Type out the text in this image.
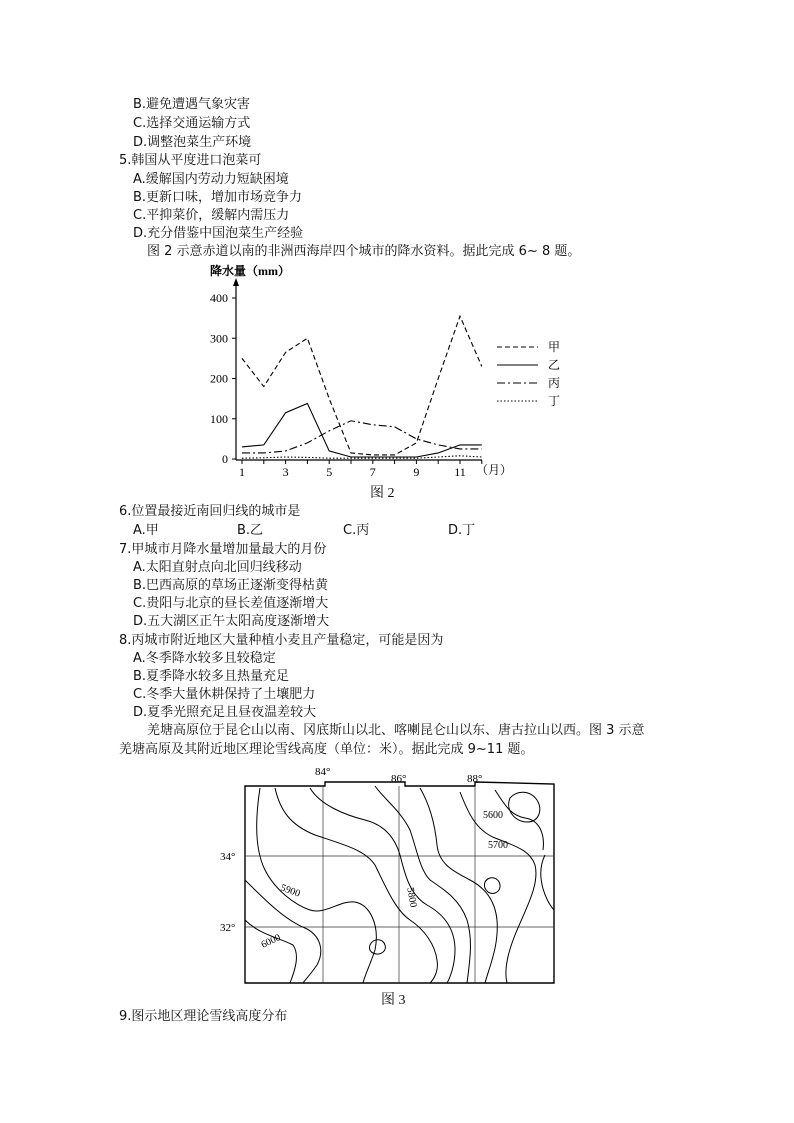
B.避免遭遇气象灾害
C.选择交通运输方式
D.调整泡菜生产环境
5.韩国从平度进口泡菜可
A.缓解国内劳动力短缺困境
B.更新口味，增加市场竞争力
C.平抑菜价，缓解内需压力
D.充分借鉴中国泡菜生产经验
图 2 示意赤道以南的非洲西海岸四个城市的降水资料。据此完成 6~ 8 题。
降水量（mm）
400
300
200
100
0
1	3	5	7	9	11 （月）
甲
乙
丙
丁
图 2
6.位置最接近南回归线的城市是
A.甲	B.乙	C.丙	D.丁
7.甲城市月降水量增加量最大的月份
A.太阳直射点向北回归线移动
B.巴西高原的草场正逐渐变得枯黄
C.贵阳与北京的昼长差值逐渐增大
D.五大湖区正午太阳高度逐渐增大
8.丙城市附近地区大量种植小麦且产量稳定，可能是因为
A.冬季降水较多且较稳定
B.夏季降水较多且热量充足
C.冬季大量休耕保持了土壤肥力
D.夏季光照充足且昼夜温差较大
羌塘高原位于昆仑山以南、冈底斯山以北、喀喇昆仑山以东、唐古拉山以西。图 3 示意
羌塘高原及其附近地区理论雪线高度（单位：米）。据此完成 9~11 题。
84°
86°	88°
34°
32°
5600
5700
5800
5900
6000
图 3
9.图示地区理论雪线高度分布
